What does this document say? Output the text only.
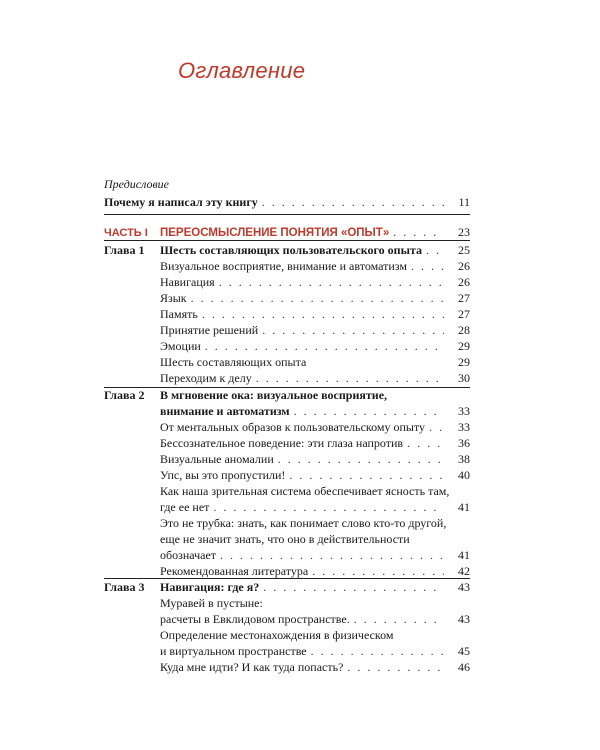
Оглавление
Предисловие
Почему я написал эту книгу . . .	11
ЧАСТЬ I	ПЕРЕОСМЫСЛЕНИЕ ПОНЯТИЯ «ОПЫТ» . . .	23
Глава 1	Шесть составляющих пользовательского опыта . . .	25
Визуальное восприятие, внимание и автоматизм . . .	26
Навигация . . .	26
Язык . . .	27
Память . . .	27
Принятие решений . . .	28
Эмоции . . .	29
Шесть составляющих опыта	29
Переходим к делу . . .	30
Глава 2	В мгновение ока: визуальное восприятие,
внимание и автоматизм . . .	33
От ментальных образов к пользовательскому опыту . . .	33
Бессознательное поведение: эти глаза напротив . . .	36
Визуальные аномалии . . .	38
Упс, вы это пропустили! . . .	40
Как наша зрительная система обеспечивает ясность там,
где ее нет . . .	41
Это не трубка: знать, как понимает слово кто-то другой,
еще не значит знать, что оно в действительности
обозначает . . .	41
Рекомендованная литература . . .	42
Глава 3	Навигация: где я? . . .	43
Муравей в пустыне:
расчеты в Евклидовом пространстве. . . .	43
Определение местонахождения в физическом
и виртуальном пространстве . . .	45
Куда мне идти? И как туда попасть? . . .	46
